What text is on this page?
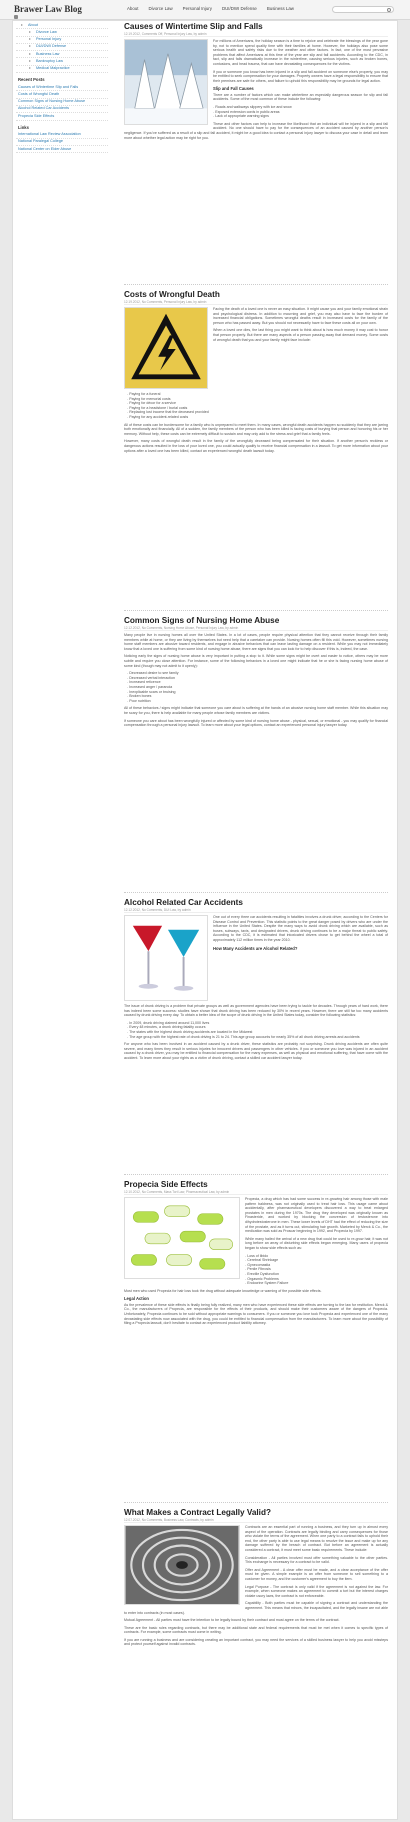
Brawer Law Blog	About	Divorce Law	Personal Injury	DUI/DWI Defense	Business Law
About
Divorce Law
Personal Injury
DUI/DWI Defense
Business Law
Bankruptcy Law
Medical Malpractice
Recent Posts
Causes of Wintertime Slip and Falls
Costs of Wrongful Death
Common Signs of Nursing Home Abuse
Alcohol Related Car Accidents
Propecia Side Effects
Links
International Law Review Association
National Paralegal College
National Center on Elder Abuse
Causes of Wintertime Slip and Falls
12.19.2012, Comments Off, Personal Injury Law, by admin

For millions of Americans, the holiday season is a time to rejoice and celebrate the blessings of the year gone by, not to mention spend quality time with their families at home. However, the holidays also pose some serious health and safety risks due to the weather and other factors. In fact, one of the most pervasive problems that affect Americans at this time of the year are slip and fall accidents. According to the CDC, in fact, slip and falls dramatically increase in the wintertime, causing serious injuries, such as broken bones, contusions, and head trauma, that can have devastating consequences for the victims.

If you or someone you know has been injured in a slip and fall accident on someone else's property, you may be entitled to seek compensation for your damages. Property owners have a legal responsibility to ensure that their premises are safe for others, and failure to uphold this responsibility may be grounds for legal action.

Slip and Fall Causes

There are a number of factors which can make wintertime an especially dangerous season for slip and fall accidents. Some of the most common of these include the following:

- Roads and walkways slippery with ice and snow
- Exposed extension cords in public areas
- Lack of appropriate warning signs

These and other factors can help to increase the likelihood that an individual will be injured in a slip and fall accident. No one should have to pay for the consequences of an accident caused by another person's negligence. If you've suffered as a result of a slip and fall accident, it might be a good idea to contact a personal injury lawyer to discuss your case in detail and learn more about whether legal action may be right for you.

Costs of Wrongful Death
12.19.2012, No Comments, Personal Injury Law, by admin

Facing the death of a loved one is never an easy situation. It might cause you and your family emotional strain and psychological distress. In addition to mourning and grief, you may also have to face the burden of increased financial obligations. Sometimes wrongful deaths result in increased costs for the family of the person who has passed away. But you should not necessarily have to face these costs all on your own.

When a loved one dies, the last thing you might want to think about is how much money it may cost to honor that person properly. But there are many aspects of a person passing away that demand money. Some costs of wrongful death that you and your family might face include:

- Paying for a funeral
- Paying for memorial costs
- Paying for décor for a service
- Paying for a headstone / burial costs
- Replacing lost income that the deceased provided
- Paying for any accident-related costs

All of these costs can be burdensome for a family who is unprepared to meet them. In many cases, wrongful death accidents happen so suddenly that they are jarring both emotionally and financially. All of a sudden, the family members of the person who has been killed is facing costs of burying that person and honoring his or her memory. Without help, these costs can be extremely difficult to sustain and may only add to the stress and grief that a family feels.

However, many costs of wrongful death result in the family of the wrongfully deceased being compensated for their situation. If another person's reckless or dangerous actions resulted in the loss of your loved one, you could actually qualify to receive financial compensation in a lawsuit. To get more information about your options after a loved one has been killed, contact an experienced wrongful death lawsuit today.

Common Signs of Nursing Home Abuse
12.12.2012, No Comments, Nursing Home Abuse, Personal Injury Law, by admin

Many people live in nursing homes all over the United States. In a lot of cases, people require physical attention that they cannot receive through their family members while at home, or they are living by themselves but need help that a caretaker can provide. Nursing homes often fill this void. However, sometimes nursing home staff members are abusive toward residents, and engage in abusive behaviors that can leave lasting damage on a resident. While you may not immediately know that a loved one is suffering from some kind of nursing home abuse, there are signs that you can look for to help discover if this is, indeed, the case.

Noticing early the signs of nursing home abuse is very important in putting a stop to it. While some signs might be overt and easier to notice, others may be more subtle and require you close attention. For instance, some of the following behaviors in a loved one might indicate that he or she is facing nursing home abuse of some kind (though may not admit to it openly):

- Decreased desire to see family
- Decreased verbal interaction
- Increased reticence
- Increased anger / paranoia
- Inexplicable scars or bruising
- Broken bones
- Poor nutrition

All of these behaviors / signs might indicate that someone you care about is suffering at the hands of an abusive nursing home staff member. While this situation may be scary for you, there is help available for many people whose family members are victims.

If someone you care about has been wrongfully injured or affected by some kind of nursing home abuse - physical, sexual, or emotional - you may qualify for financial compensation through a personal injury lawsuit. To learn more about your legal options, contact an experienced personal injury lawyer today.

Alcohol Related Car Accidents
12.12.2012, No Comments, DUI Law, by admin

One out of every three car accidents resulting in fatalities involves a drunk driver, according to the Centers for Disease Control and Prevention. This statistic points to the great danger posed by drivers who are under the influence in the United States. Despite the many ways to avoid drunk driving which are available, such as buses, subways, taxis, and designated drivers, drunk driving continues to be a major threat to public safety. According to the CDC, it is estimated that intoxicated drivers chose to get behind the wheel a total of approximately 112 million times in the year 2010.

How Many Accidents are Alcohol Related?

The issue of drunk driving is a problem that private groups as well as government agencies have been trying to tackle for decades. Through years of hard work, there has indeed been some success: studies have shown that drunk driving has been reduced by 30% in recent years. However, there are still far too many accidents caused by drunk driving every day. To obtain a better idea of the scope of drunk driving in the United States today, consider the following statistics:

- In 2009, drunk driving claimed around 11,000 lives
- Every 48 minutes, a drunk driving fatality occurs
- The states with the highest drunk driving accidents are located in the Midwest
- The age group with the highest rate of drunk driving is 21 to 24. This age group accounts for nearly 35% of all drunk driving arrests and accidents

For anyone who has been involved in an accident caused by a drunk driver, these statistics are probably not surprising. Drunk driving accidents are often quite severe, and many times they result in serious injuries for innocent drivers and passengers in other vehicles. If you or someone you love was injured in an accident caused by a drunk driver, you may be entitled to financial compensation for the many expenses, as well as physical and emotional suffering, that have come with the accident. To learn more about your rights as a victim of drunk driving, contact a skilled car accident lawyer today.

Propecia Side Effects
12.10.2012, No Comments, Mass Tort Law, Pharmaceutical Law, by admin

Propecia, a drug which has had some success in re-growing hair among those with male pattern baldness, was not originally used to treat hair loss. This usage came about accidentally, after pharmaceutical developers discovered a way to treat enlarged prostates in men during the 1970s. The drug they developed was originally known as Finasteride, and worked by blocking the conversion of testosterone into dihydrotestosterone in men. These lower levels of DHT had the effect of reducing the size of the prostate, and as it turns out, stimulating hair growth. Marketed by Merck & Co., the medication was sold as Proscar beginning in 1992, and Propecia by 1997.

While many hailed the arrival of a new drug that could be used to re-grow hair, it was not long before an array of disturbing side effects began emerging. Many users of propecia began to show side effects such as:

- Loss of libido
- Cerebral Shrinkage
- Gynecomastia
- Penile Fibrosis
- Erectile Dysfunction
- Orgasmic Problems
- Endocrine System Failure

Most men who used Propecia for hair loss took the drug without adequate knowledge or warning of the possible side effects.

Legal Action

As the prevalence of these side effects is finally being fully realized, many men who have experienced these side effects are turning to the law for restitution. Merck & Co., the manufacturers of Propecia, are responsible for the effects of their products, and should make their customers aware of the dangers of Propecia. Unfortunately, Propecia continues to be sold without appropriate warnings to consumers. If you or someone you love took Propecia and experienced one of the many devastating side effects now associated with the drug, you could be entitled to financial compensation from the manufacturers. To learn more about the possibility of filing a Propecia lawsuit, don't hesitate to contact an experienced product liability attorney.

What Makes a Contract Legally Valid?
12.07.2012, No Comments, Business Law, Contracts, by admin

Contracts are an essential part of running a business, and they turn up in almost every aspect of the operation. Contracts are legally binding and carry consequences for those who violate the terms of the agreement. When one party to a contract fails to uphold their end, the other party is able to use legal means to resolve the issue and make up for any damage suffered by the breach of contract. But before an agreement is actually considered a contract, it must meet some basic requirements. These include:

Consideration - All parties involved must offer something valuable to the other parties. This exchange is necessary for a contract to be valid.

Offer and Agreement - A clear offer must be made, and a clear acceptance of the offer must be given. A simple example is an offer from someone to sell something to a customer for money, and the customer's agreement to buy the item.

Legal Purpose - The contract is only valid if the agreement is not against the law. For example, when someone makes an agreement to commit a tort but the interest charges violate usury laws, the contract is not enforceable.

Capability - Both parties must be capable of signing a contract and understanding the agreement. This means that minors, the incapacitated, and the legally insane are not able to enter into contracts (in most cases).

Mutual Agreement - All parties must have the intention to be legally bound by their contract and must agree on the terms of the contract.

These are the basic rules regarding contracts, but there may be additional state and federal requirements that must be met when it comes to specific types of contracts. For example, some contracts must come in writing.

If you are running a business and are considering creating an important contract, you may need the services of a skilled business lawyer to help you avoid missteps and protect yourself against invalid contracts.
